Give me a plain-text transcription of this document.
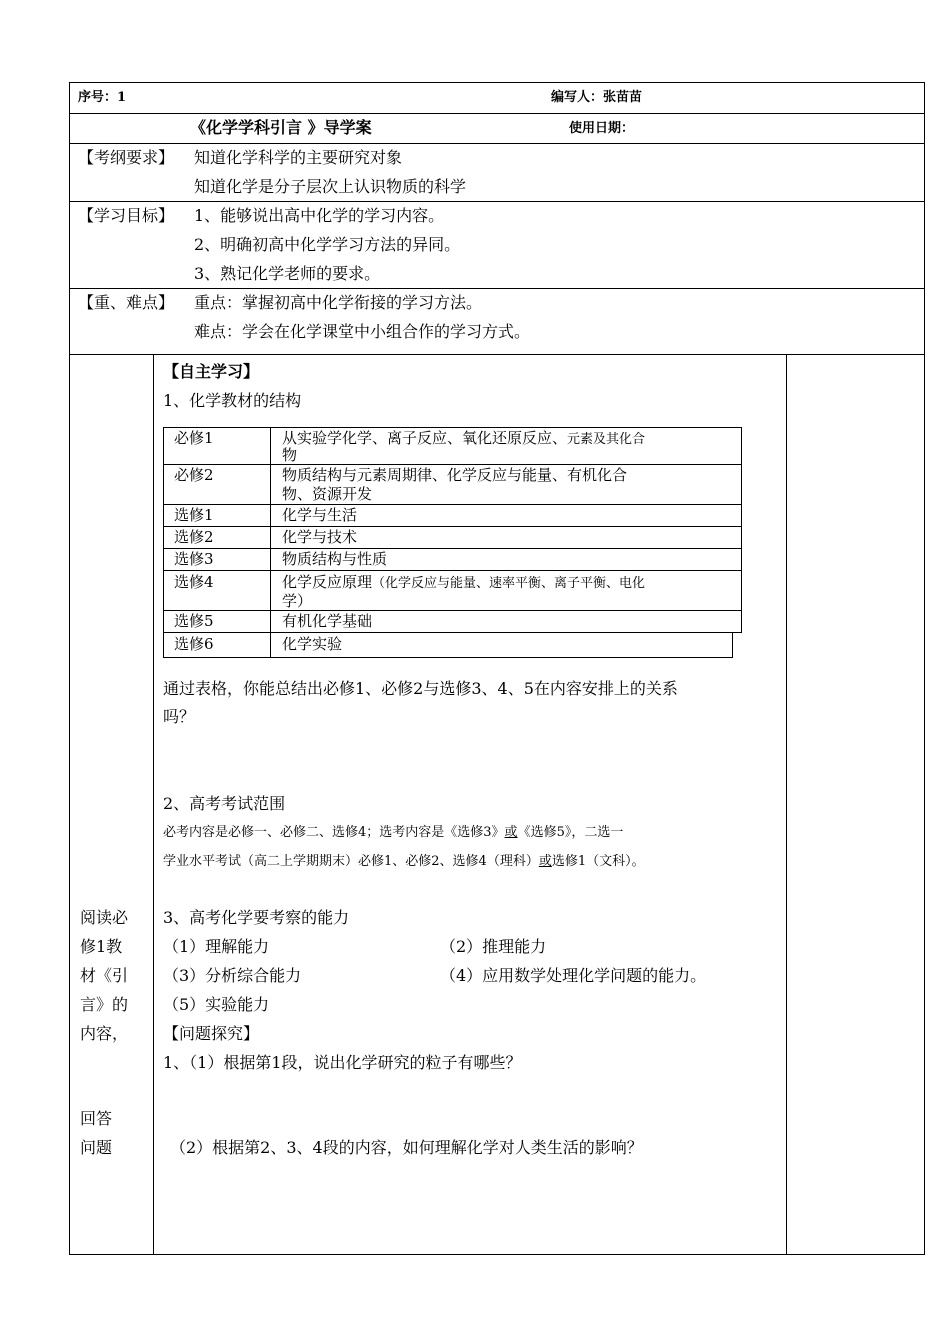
序号：1	编写人：张苗苗
《化学学科引言 》导学案	使用日期：
【考纲要求】 知道化学科学的主要研究对象
知道化学是分子层次上认识物质的科学
【学习目标】 1、能够说出高中化学的学习内容。
2、明确初高中化学学习方法的异同。
3、熟记化学老师的要求。
【重、难点】 重点：掌握初高中化学衔接的学习方法。
难点：学会在化学课堂中小组合作的学习方式。
阅读必
修1教
材《引
言》的
内容，
回答
问题
【自主学习】
1、化学教材的结构
必修1	从实验学化学、离子反应、氧化还原反应、元素及其化合
物
必修2	物质结构与元素周期律、化学反应与能量、有机化合
物、资源开发
选修1	化学与生活
选修2	化学与技术
选修3	物质结构与性质
选修4	化学反应原理（化学反应与能量、速率平衡、离子平衡、电化
学）
选修5	有机化学基础
选修6	化学实验
通过表格，你能总结出必修1、必修2与选修3、4、5在内容安排上的关系
吗？
2、高考考试范围
必考内容是必修一、必修二、选修4；选考内容是《选修3》或《选修5》，二选一
学业水平考试（高二上学期期末）必修1、必修2、选修4（理科）或选修1（文科）。
3、高考化学要考察的能力
（1）理解能力	（2）推理能力
（3）分析综合能力	（4）应用数学处理化学问题的能力。
（5）实验能力
【问题探究】
1、（1）根据第1段，说出化学研究的粒子有哪些？
（2）根据第2、3、4段的内容，如何理解化学对人类生活的影响？
